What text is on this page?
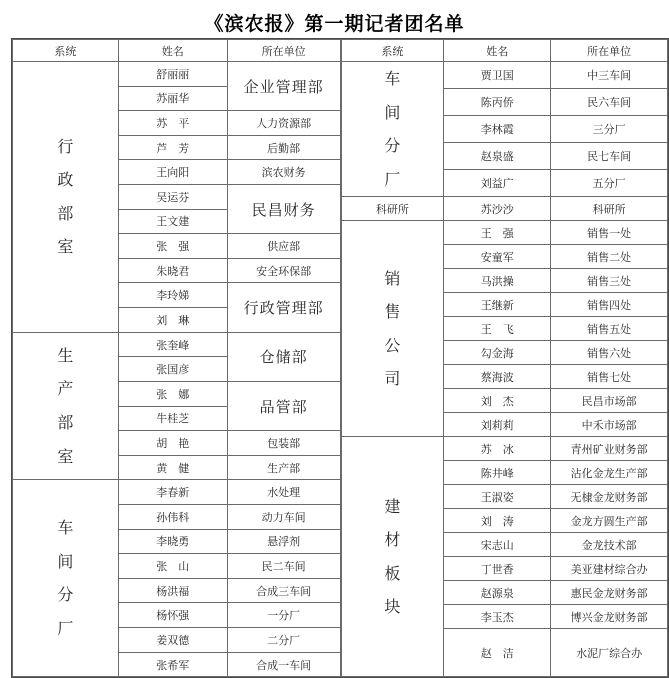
《滨农报》第一期记者团名单
系统	姓名	所在单位

行政部室	舒丽丽	企业管理部
	苏丽华	
	苏　平	人力资源部
	芦　芳	后勤部
	王向阳	滨农财务
	吴运芬	民昌财务
	王文建	
	张　强	供应部
	朱晓君	安全环保部
	李玲娣	行政管理部
	刘　琳	

生产部室	张奎峰	仓储部
	张国彦	
	张　娜	品管部
	牛桂芝	
	胡　艳	包装部
	黄　健	生产部

车间分厂	李春新	水处理
	孙伟科	动力车间
	李晓勇	悬浮剂
	张　山	民二车间
	杨洪福	合成三车间
	杨怀强	一分厂
	姜双德	二分厂
	张希军	合成一车间
系统	姓名	所在单位

车间分厂	贾卫国	中三车间
	陈丙侨	民六车间
	李林霞	三分厂
	赵泉盛	民七车间
	刘益广	五分厂
科研所	苏沙沙	科研所

销售公司	王　强	销售一处
	安童军	销售二处
	马洪操	销售三处
	王继新	销售四处
	王　飞	销售五处
	勾金海	销售六处
	蔡海波	销售七处
	刘　杰	民昌市场部
	刘莉莉	中禾市场部

建材板块	苏　冰	青州矿业财务部
	陈井峰	沾化金龙生产部
	王淑姿	无棣金龙财务部
	刘　涛	金龙方圆生产部
	宋志山	金龙技术部
	丁世香	美亚建材综合办
	赵源泉	惠民金龙财务部
	李玉杰	博兴金龙财务部
	赵　洁	水泥厂综合办
